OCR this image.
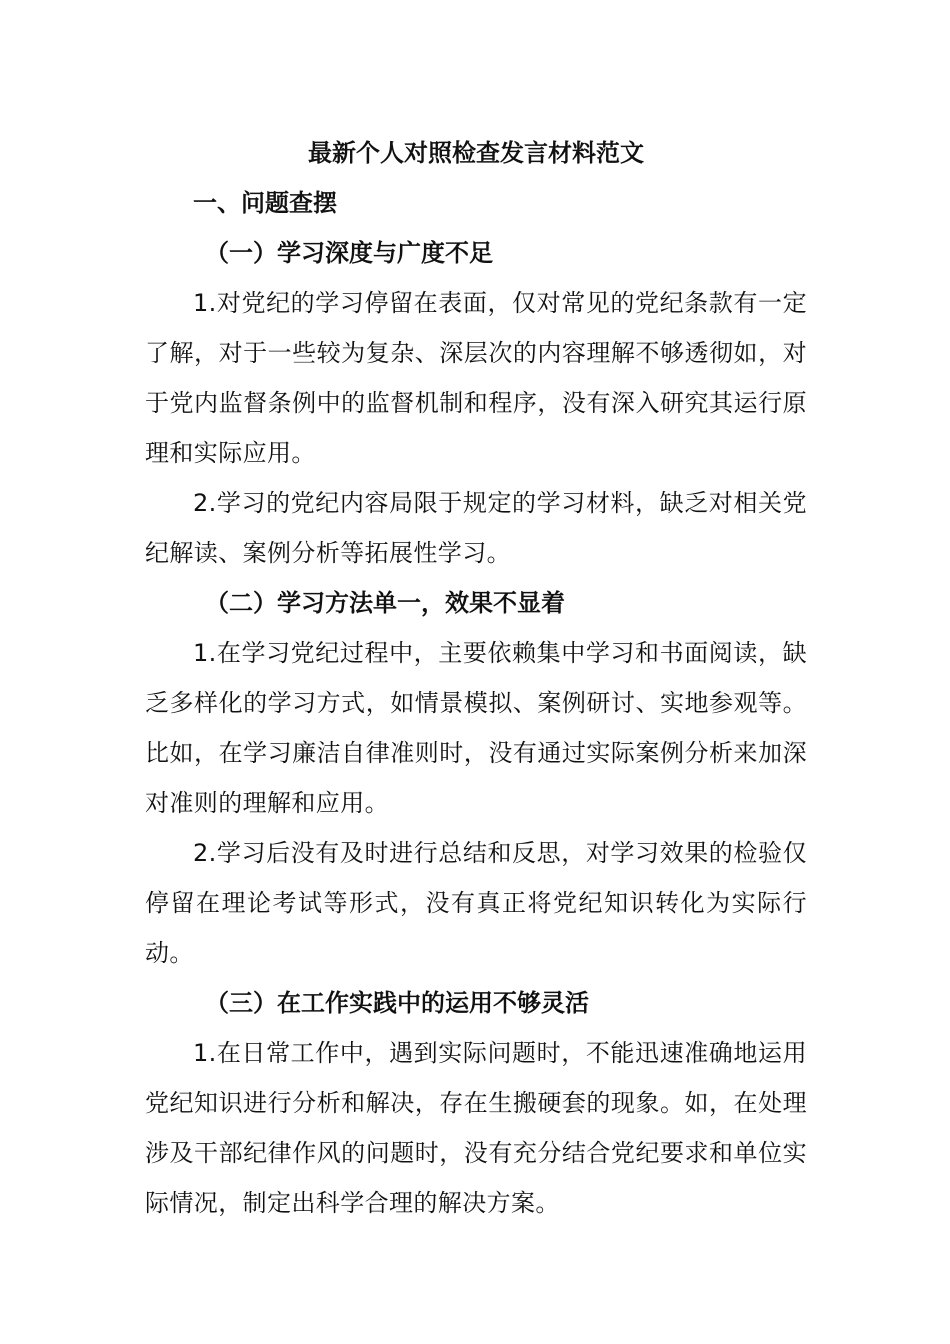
最新个人对照检查发言材料范文
一、问题查摆
（一）学习深度与广度不足

1.对党纪的学习停留在表面，仅对常见的党纪条款有一定了解，对于一些较为复杂、深层次的内容理解不够透彻如，对于党内监督条例中的监督机制和程序，没有深入研究其运行原理和实际应用。

2.学习的党纪内容局限于规定的学习材料，缺乏对相关党纪解读、案例分析等拓展性学习。

（二）学习方法单一，效果不显着

1.在学习党纪过程中，主要依赖集中学习和书面阅读，缺乏多样化的学习方式，如情景模拟、案例研讨、实地参观等。比如，在学习廉洁自律准则时，没有通过实际案例分析来加深对准则的理解和应用。

2.学习后没有及时进行总结和反思，对学习效果的检验仅停留在理论考试等形式，没有真正将党纪知识转化为实际行动。

（三）在工作实践中的运用不够灵活

1.在日常工作中，遇到实际问题时，不能迅速准确地运用党纪知识进行分析和解决，存在生搬硬套的现象。如，在处理涉及干部纪律作风的问题时，没有充分结合党纪要求和单位实际情况，制定出科学合理的解决方案。
